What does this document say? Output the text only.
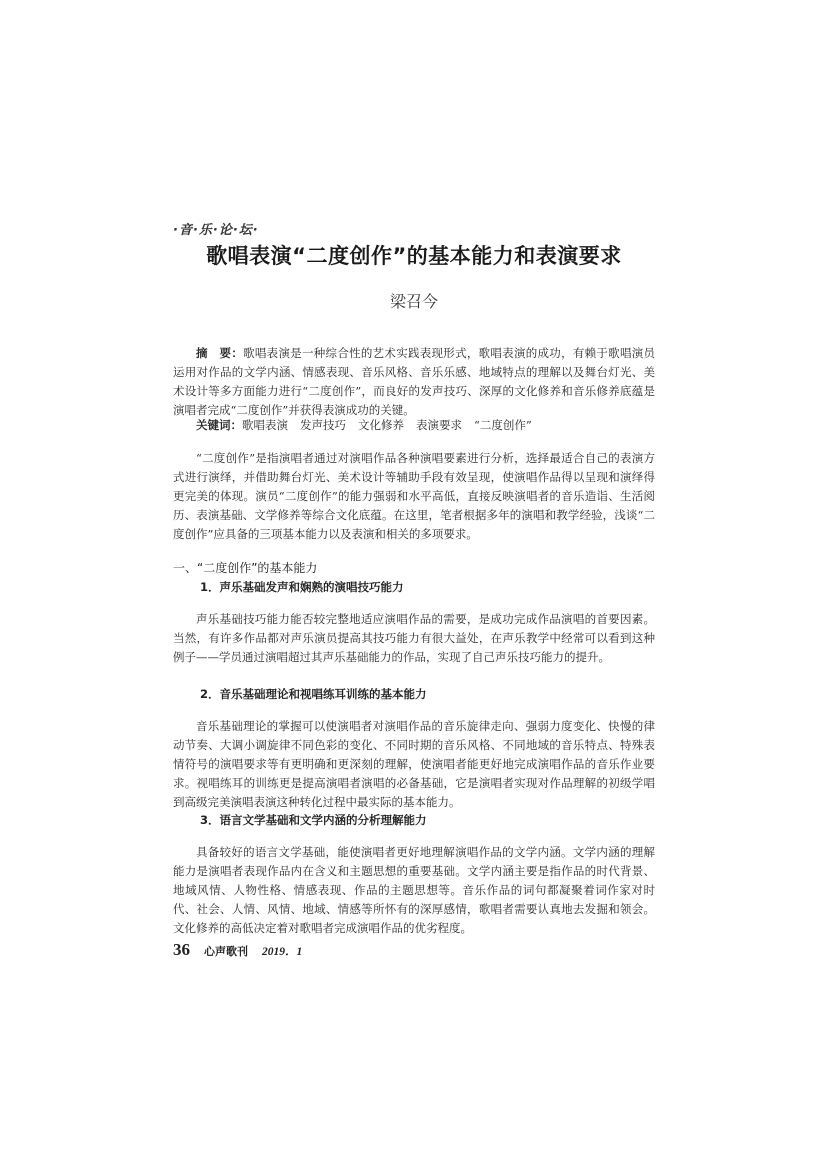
·音·乐·论·坛·
歌唱表演“二度创作”的基本能力和表演要求
梁召今

摘　要：歌唱表演是一种综合性的艺术实践表现形式，歌唱表演的成功，有赖于歌唱演员运用对作品的文学内涵、情感表现、音乐风格、音乐乐感、地域特点的理解以及舞台灯光、美术设计等多方面能力进行“二度创作”，而良好的发声技巧、深厚的文化修养和音乐修养底蕴是演唱者完成“二度创作”并获得表演成功的关键。

关键词：歌唱表演 发声技巧 文化修养 表演要求 “二度创作”

“二度创作”是指演唱者通过对演唱作品各种演唱要素进行分析，选择最适合自己的表演方式进行演绎，并借助舞台灯光、美术设计等辅助手段有效呈现，使演唱作品得以呈现和演绎得更完美的体现。演员“二度创作”的能力强弱和水平高低，直接反映演唱者的音乐造诣、生活阅历、表演基础、文学修养等综合文化底蕴。在这里，笔者根据多年的演唱和教学经验，浅谈“二度创作”应具备的三项基本能力以及表演和相关的多项要求。

一、“二度创作”的基本能力
1．声乐基础发声和娴熟的演唱技巧能力

声乐基础技巧能力能否较完整地适应演唱作品的需要，是成功完成作品演唱的首要因素。当然，有许多作品都对声乐演员提高其技巧能力有很大益处，在声乐教学中经常可以看到这种例子——学员通过演唱超过其声乐基础能力的作品，实现了自己声乐技巧能力的提升。

2．音乐基础理论和视唱练耳训练的基本能力

音乐基础理论的掌握可以使演唱者对演唱作品的音乐旋律走向、强弱力度变化、快慢的律动节奏、大调小调旋律不同色彩的变化、不同时期的音乐风格、不同地域的音乐特点、特殊表情符号的演唱要求等有更明确和更深刻的理解，使演唱者能更好地完成演唱作品的音乐作业要求。视唱练耳的训练更是提高演唱者演唱的必备基础，它是演唱者实现对作品理解的初级学唱到高级完美演唱表演这种转化过程中最实际的基本能力。

3．语言文学基础和文学内涵的分析理解能力

具备较好的语言文学基础，能使演唱者更好地理解演唱作品的文学内涵。文学内涵的理解能力是演唱者表现作品内在含义和主题思想的重要基础。文学内涵主要是指作品的时代背景、地域风情、人物性格、情感表现、作品的主题思想等。音乐作品的词句都凝聚着词作家对时代、社会、人情、风情、地域、情感等所怀有的深厚感情，歌唱者需要认真地去发掘和领会。文化修养的高低决定着对歌唱者完成演唱作品的优劣程度。

36 心声歌刊 2019．1
